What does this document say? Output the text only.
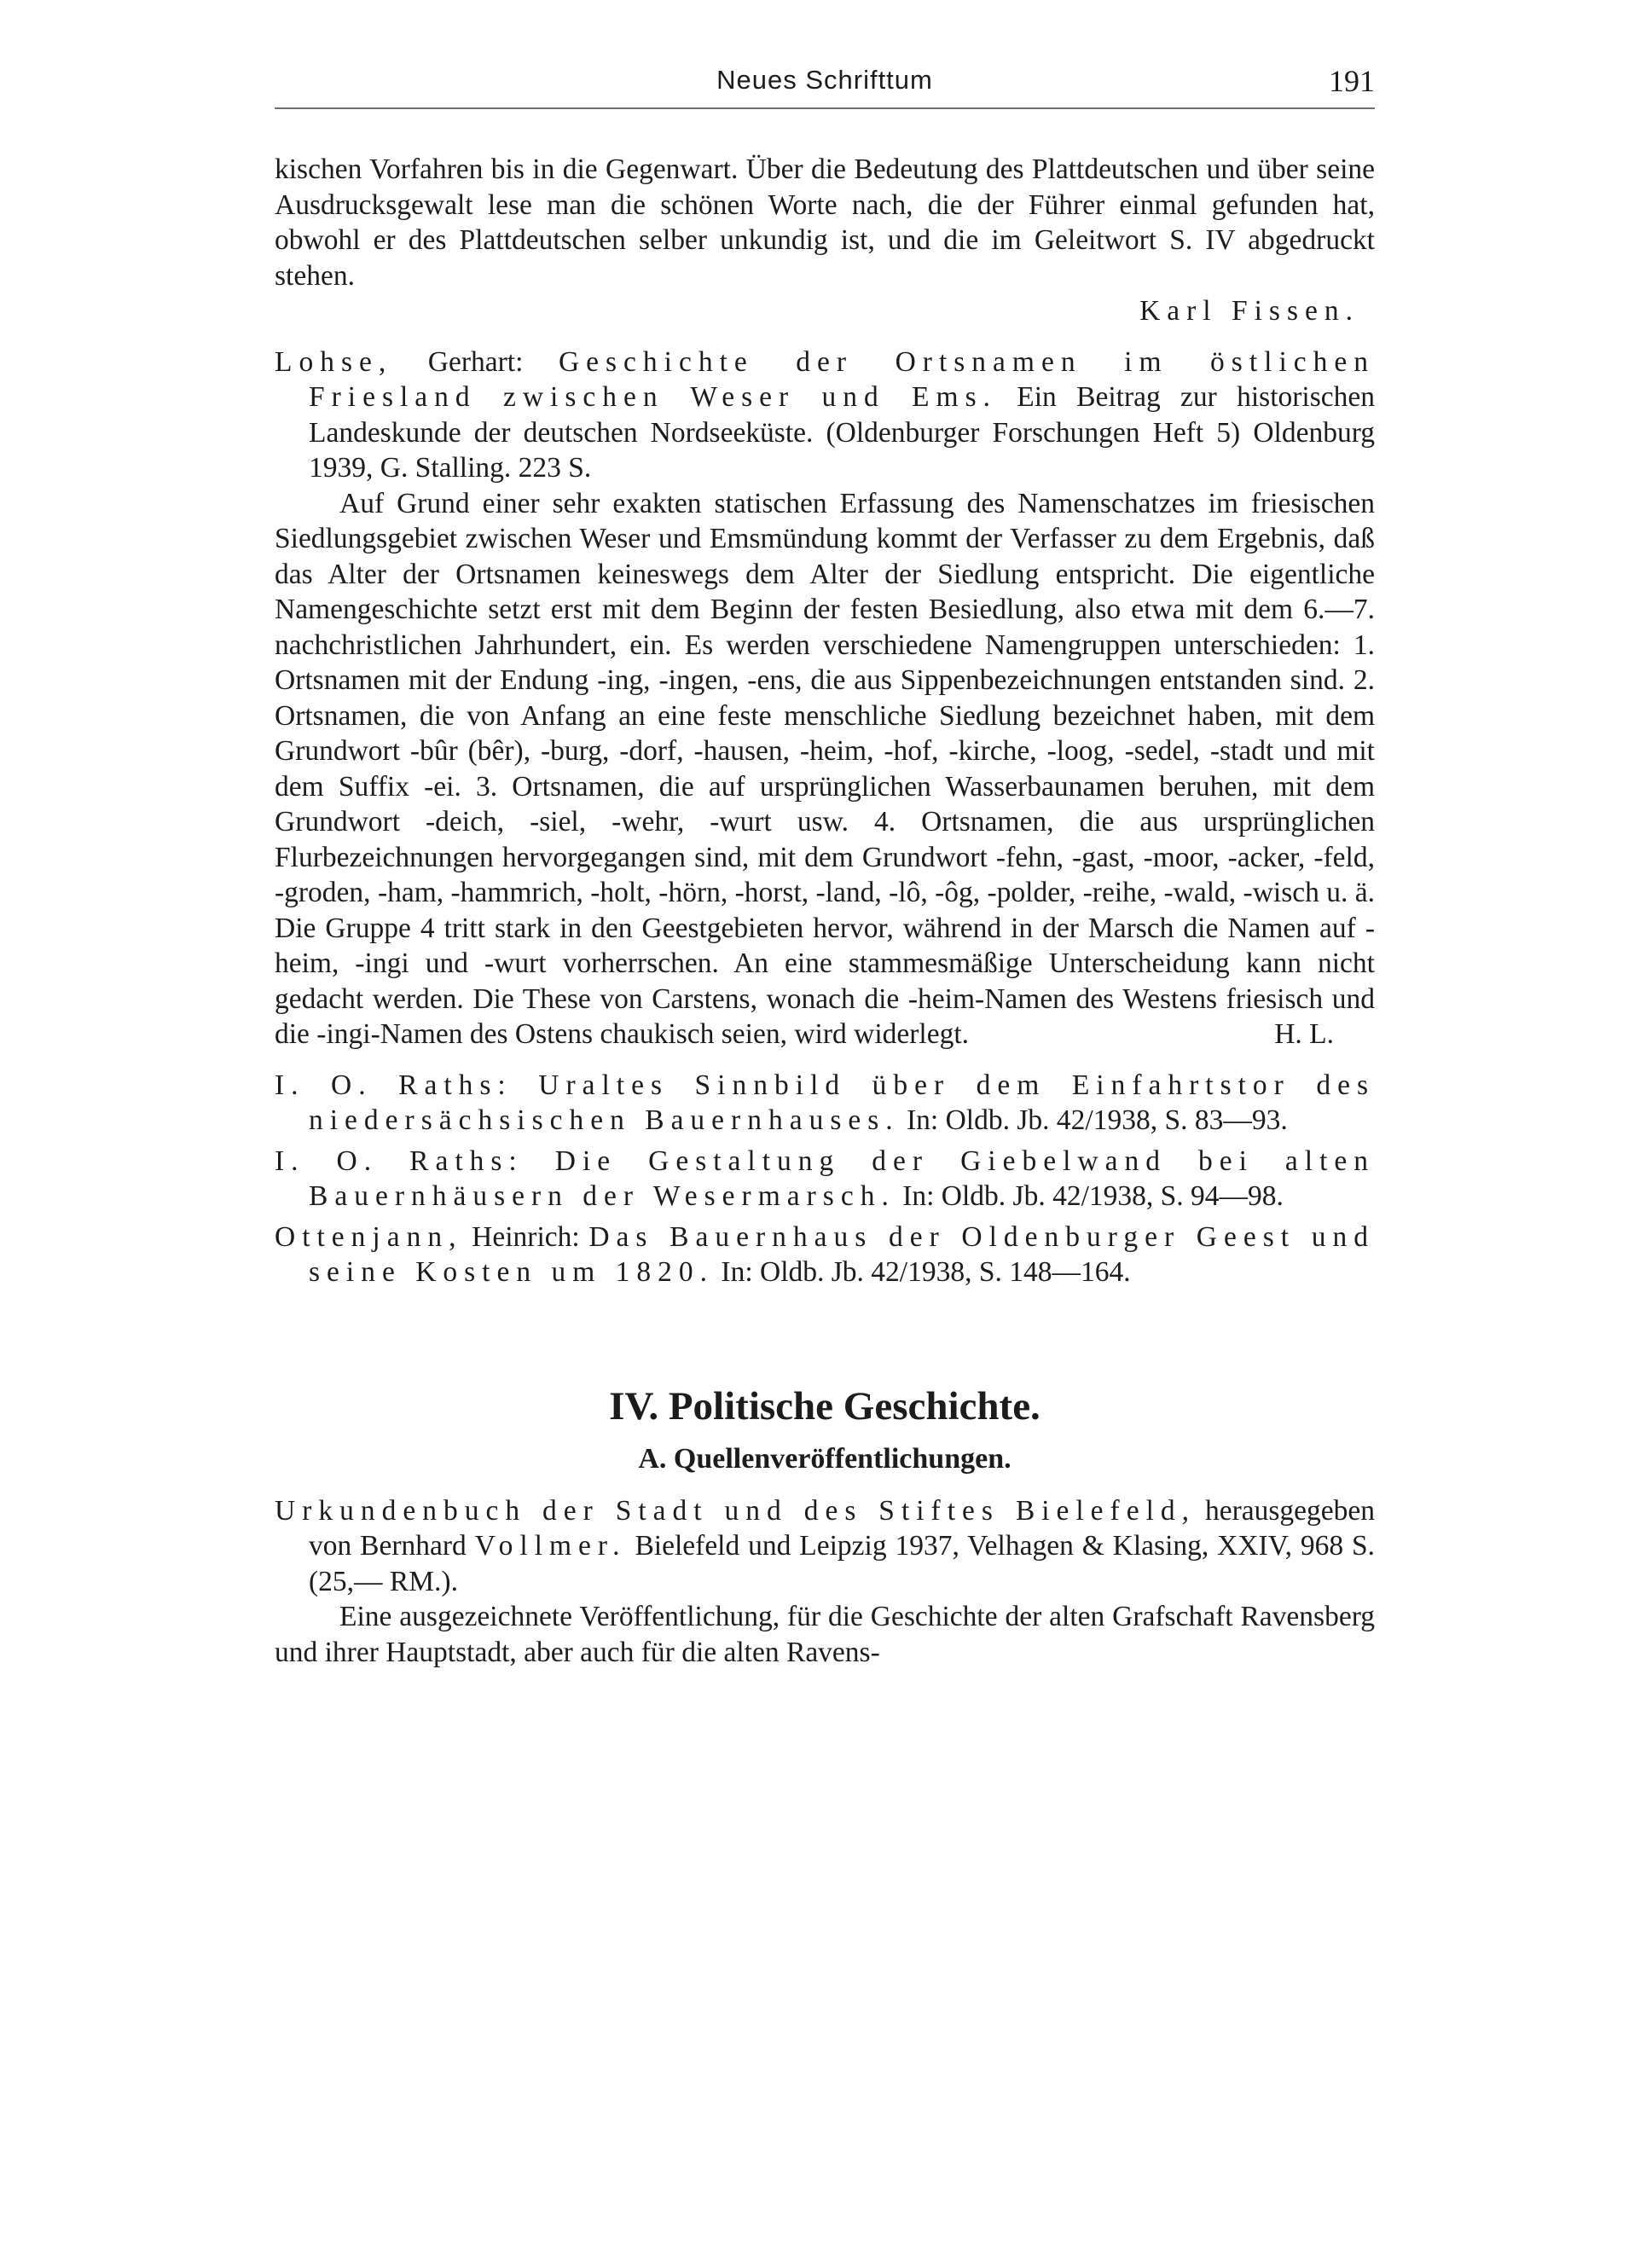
Neues Schrifttum	191

kischen Vorfahren bis in die Gegenwart. Über die Bedeutung des Plattdeutschen und über seine Ausdrucksgewalt lese man die schönen Worte nach, die der Führer einmal gefunden hat, obwohl er des Plattdeutschen selber unkundig ist, und die im Geleitwort S. IV abgedruckt stehen.

Karl Fissen.

Lohse, Gerhart: Geschichte der Ortsnamen im östlichen Friesland zwischen Weser und Ems. Ein Beitrag zur historischen Landeskunde der deutschen Nordseeküste. (Oldenburger Forschungen Heft 5) Oldenburg 1939, G. Stalling. 223 S.

Auf Grund einer sehr exakten statischen Erfassung des Namenschatzes im friesischen Siedlungsgebiet zwischen Weser und Emsmündung kommt der Verfasser zu dem Ergebnis, daß das Alter der Ortsnamen keineswegs dem Alter der Siedlung entspricht. Die eigentliche Namengeschichte setzt erst mit dem Beginn der festen Besiedlung, also etwa mit dem 6.—7. nachchristlichen Jahrhundert, ein. Es werden verschiedene Namengruppen unterschieden: 1. Ortsnamen mit der Endung -ing, -ingen, -ens, die aus Sippenbezeichnungen entstanden sind. 2. Ortsnamen, die von Anfang an eine feste menschliche Siedlung bezeichnet haben, mit dem Grundwort -bûr (bêr), -burg, -dorf, -hausen, -heim, -hof, -kirche, -loog, -sedel, -stadt und mit dem Suffix -ei. 3. Ortsnamen, die auf ursprünglichen Wasserbaunamen beruhen, mit dem Grundwort -deich, -siel, -wehr, -wurt usw. 4. Ortsnamen, die aus ursprünglichen Flurbezeichnungen hervorgegangen sind, mit dem Grundwort -fehn, -gast, -moor, -acker, -feld, -groden, -ham, -hammrich, -holt, -hörn, -horst, -land, -lô, -ôg, -polder, -reihe, -wald, -wisch u. ä. Die Gruppe 4 tritt stark in den Geestgebieten hervor, während in der Marsch die Namen auf -heim, -ingi und -wurt vorherrschen. An eine stammesmäßige Unterscheidung kann nicht gedacht werden. Die These von Carstens, wonach die -heim-Namen des Westens friesisch und die -ingi-Namen des Ostens chaukisch seien, wird widerlegt.	H. L.

I. O. Raths: Uraltes Sinnbild über dem Einfahrtstor des niedersächsischen Bauernhauses. In: Oldb. Jb. 42/1938, S. 83—93.

I. O. Raths: Die Gestaltung der Giebelwand bei alten Bauernhäusern der Wesermarsch. In: Oldb. Jb. 42/1938, S. 94—98.

Ottenjann, Heinrich: Das Bauernhaus der Oldenburger Geest und seine Kosten um 1820. In: Oldb. Jb. 42/1938, S. 148—164.

IV. Politische Geschichte.

A. Quellenveröffentlichungen.

Urkundenbuch der Stadt und des Stiftes Bielefeld, herausgegeben von Bernhard Vollmer. Bielefeld und Leipzig 1937, Velhagen & Klasing, XXIV, 968 S. (25,— RM.).

Eine ausgezeichnete Veröffentlichung, für die Geschichte der alten Grafschaft Ravensberg und ihrer Hauptstadt, aber auch für die alten Ravens-
